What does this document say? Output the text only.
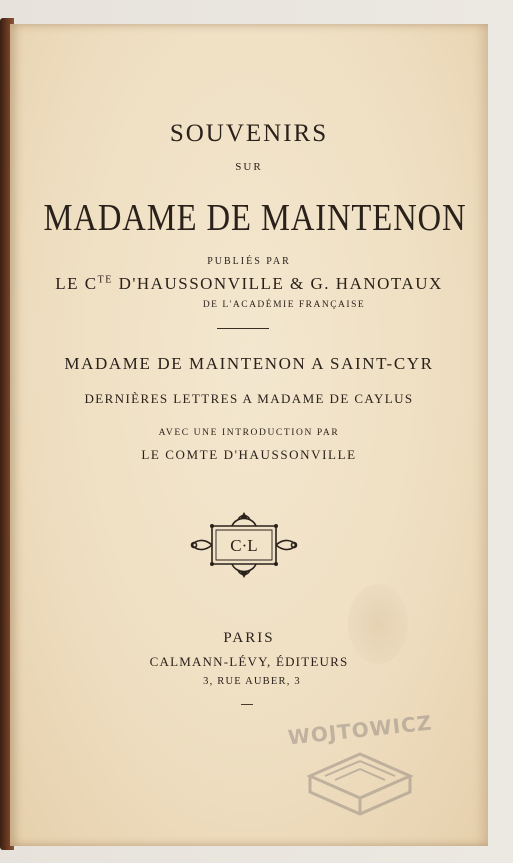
SOUVENIRS
SUR
MADAME DE MAINTENON
PUBLIÉS PAR
LE $C^{TE}$ D'HAUSSONVILLE & G. HANOTAUX
DE L'ACADÉMIE FRANÇAISE
MADAME DE MAINTENON A SAINT-CYR
DERNIÈRES LETTRES A MADAME DE CAYLUS
AVEC UNE INTRODUCTION PAR
LE COMTE D'HAUSSONVILLE
C·L
PARIS
CALMANN-LÉVY, ÉDITEURS
3, RUE AUBER, 3
WOJTOWICZ
